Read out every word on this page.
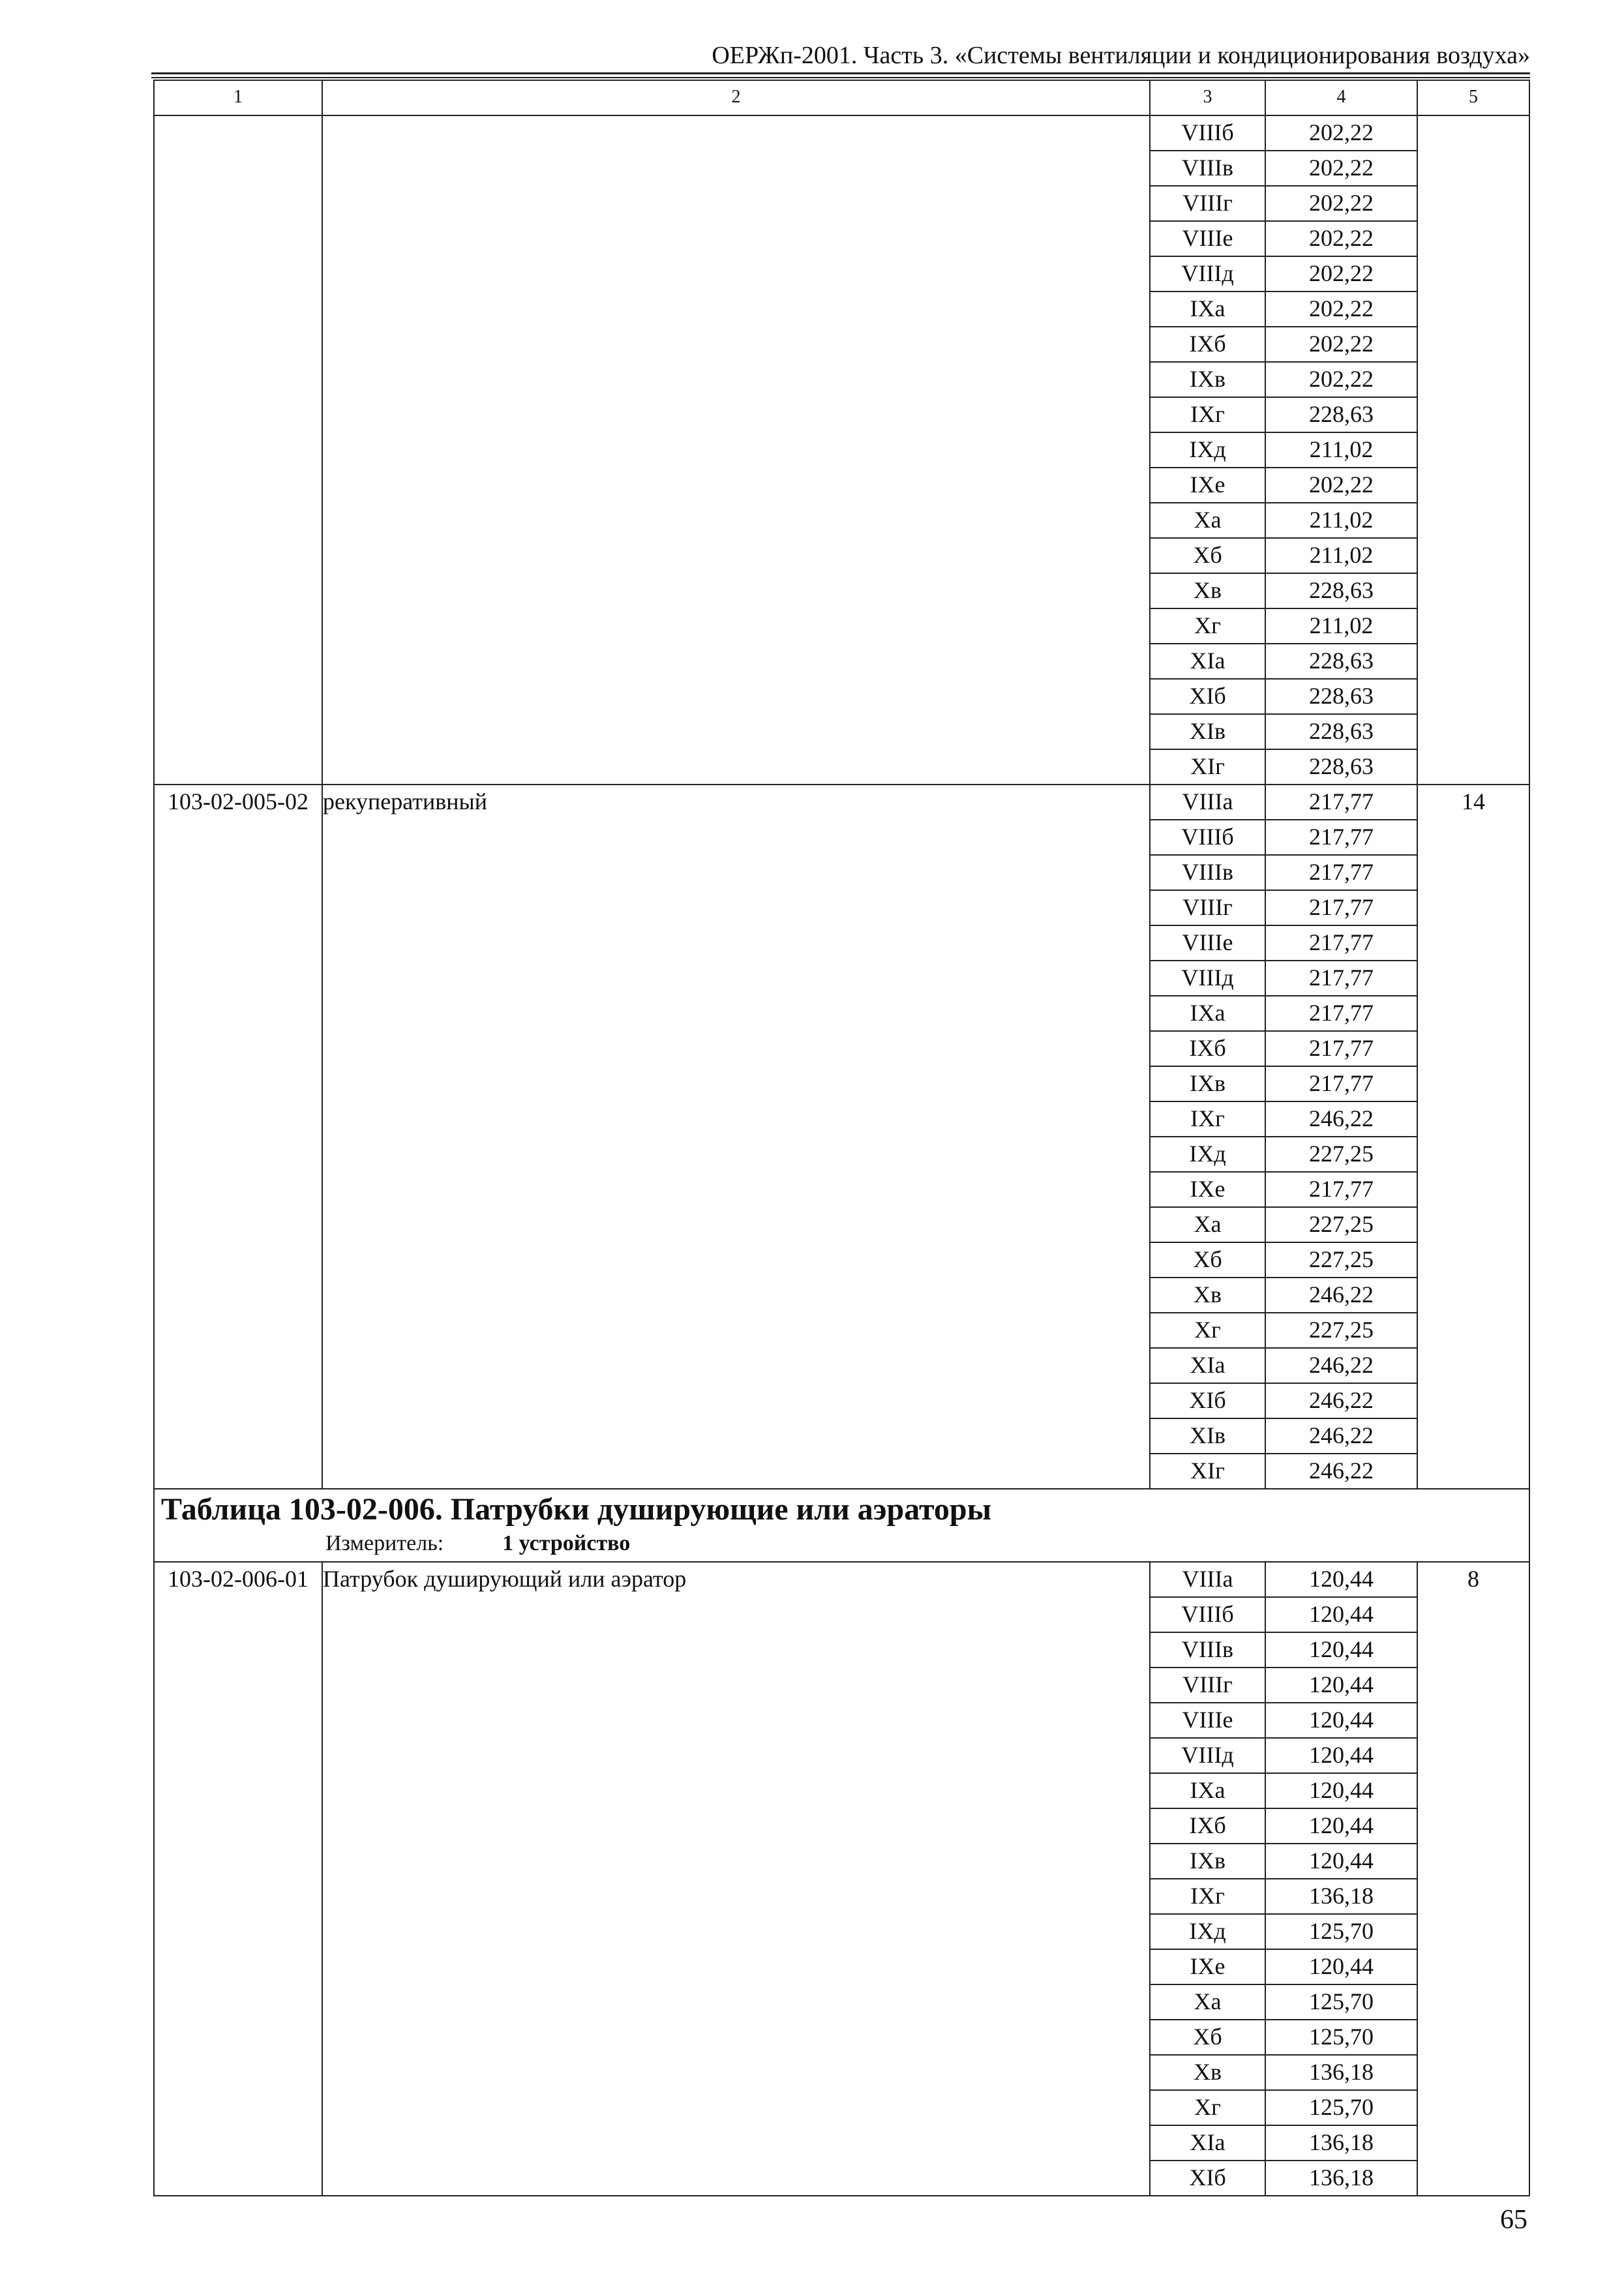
ОЕРЖп-2001. Часть 3. «Системы вентиляции и кондиционирования воздуха»
1	2	3	4	5
		VIIIб	202,22	
		VIIIв	202,22	
		VIIIг	202,22	
		VIIIе	202,22	
		VIIIд	202,22	
		IXа	202,22	
		IXб	202,22	
		IXв	202,22	
		IXг	228,63	
		IXд	211,02	
		IXе	202,22	
		Xа	211,02	
		Xб	211,02	
		Xв	228,63	
		Xг	211,02	
		XIа	228,63	
		XIб	228,63	
		XIв	228,63	
		XIг	228,63	
103-02-005-02	рекуперативный	VIIIа	217,77	14
		VIIIб	217,77	
		VIIIв	217,77	
		VIIIг	217,77	
		VIIIе	217,77	
		VIIIд	217,77	
		IXа	217,77	
		IXб	217,77	
		IXв	217,77	
		IXг	246,22	
		IXд	227,25	
		IXе	217,77	
		Xа	227,25	
		Xб	227,25	
		Xв	246,22	
		Xг	227,25	
		XIа	246,22	
		XIб	246,22	
		XIв	246,22	
		XIг	246,22	

Таблица 103-02-006. Патрубки душирующие или аэраторы
Измеритель: 1 устройство				

103-02-006-01	Патрубок душирующий или аэратор	VIIIа	120,44	8
		VIIIб	120,44	
		VIIIв	120,44	
		VIIIг	120,44	
		VIIIе	120,44	
		VIIIд	120,44	
		IXа	120,44	
		IXб	120,44	
		IXв	120,44	
		IXг	136,18	
		IXд	125,70	
		IXе	120,44	
		Xа	125,70	
		Xб	125,70	
		Xв	136,18	
		Xг	125,70	
		XIа	136,18	
		XIб	136,18	
65
